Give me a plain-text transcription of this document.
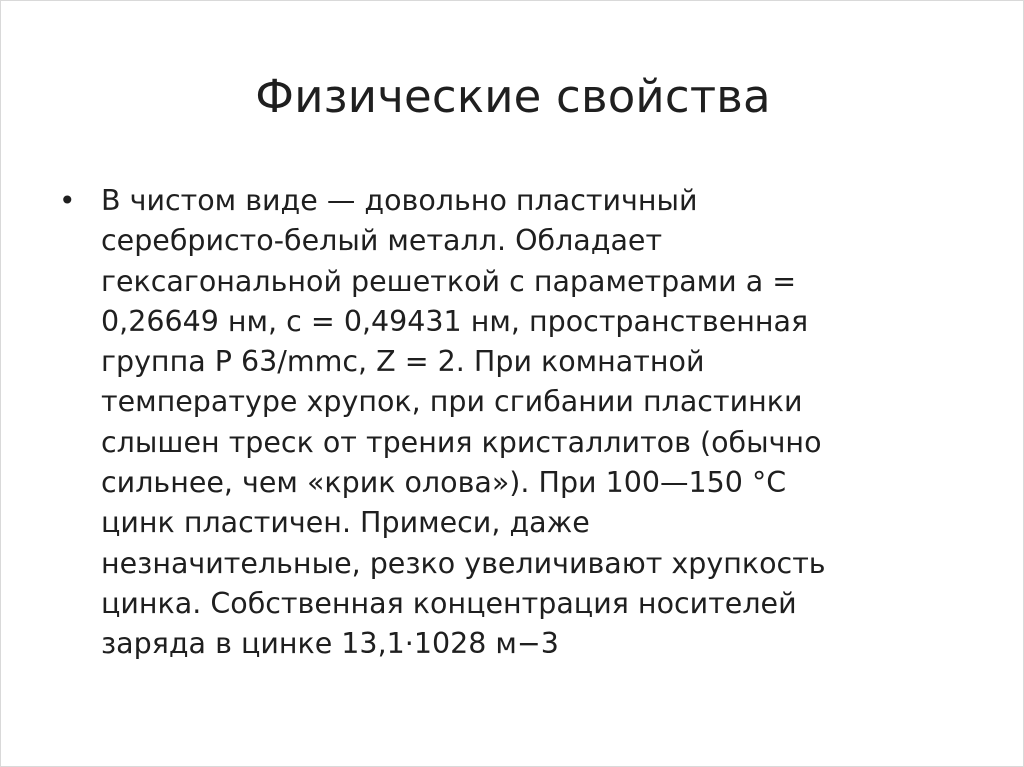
Физические свойства
• В чистом виде — довольно пластичный
серебристо-белый металл. Обладает
гексагональной решеткой с параметрами a =
0,26649 нм, с = 0,49431 нм, пространственная
группа P 63/mmc, Z = 2. При комнатной
температуре хрупок, при сгибании пластинки
слышен треск от трения кристаллитов (обычно
сильнее, чем «крик олова»). При 100—150 °C
цинк пластичен. Примеси, даже
незначительные, резко увеличивают хрупкость
цинка. Собственная концентрация носителей
заряда в цинке 13,1·1028 м−3
